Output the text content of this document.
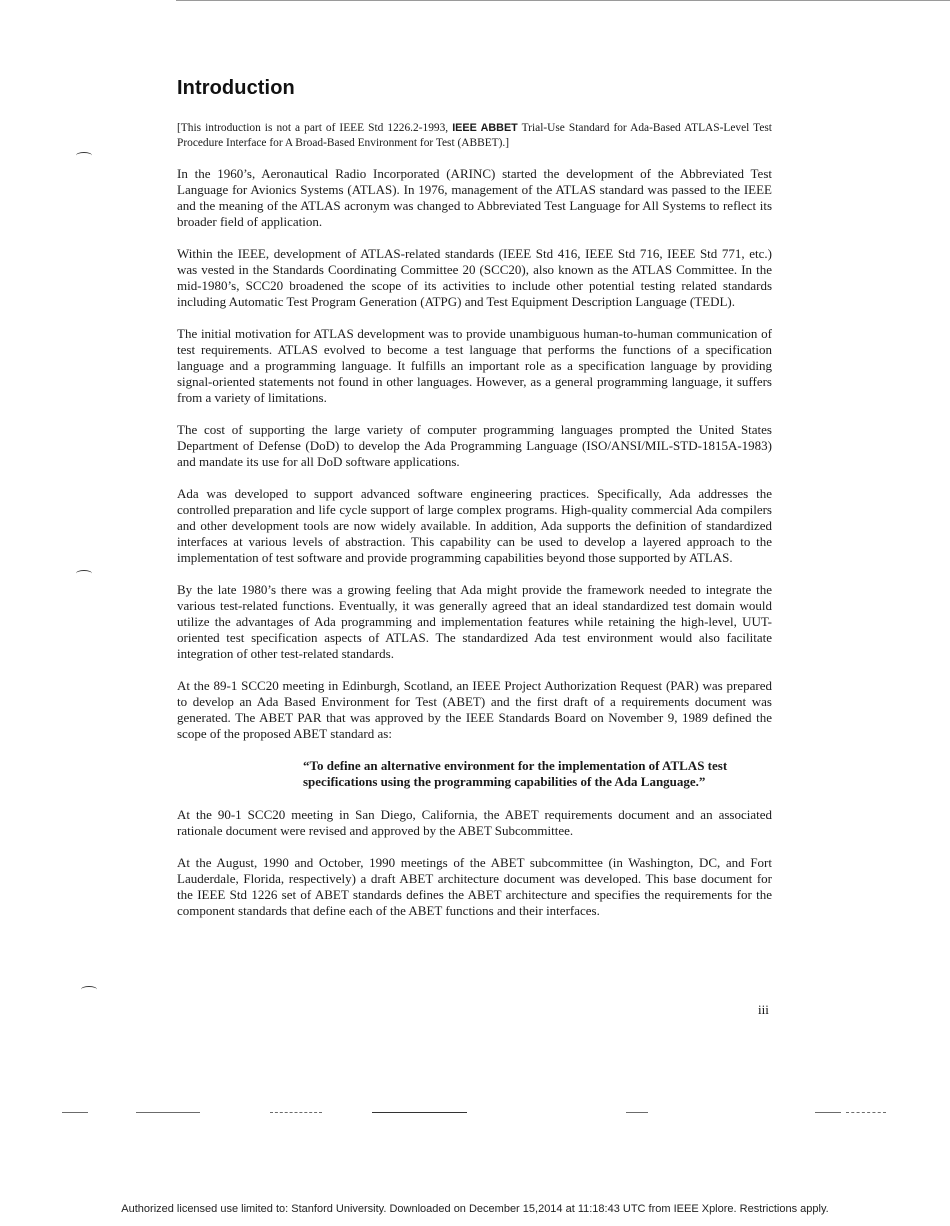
Introduction

[This introduction is not a part of IEEE Std 1226.2-1993, IEEE ABBET Trial-Use Standard for Ada-Based ATLAS-Level Test Procedure Interface for A Broad-Based Environment for Test (ABBET).]

In the 1960’s, Aeronautical Radio Incorporated (ARINC) started the development of the Abbreviated Test Language for Avionics Systems (ATLAS). In 1976, management of the ATLAS standard was passed to the IEEE and the meaning of the ATLAS acronym was changed to Abbreviated Test Language for All Systems to reflect its broader field of application.

Within the IEEE, development of ATLAS-related standards (IEEE Std 416, IEEE Std 716, IEEE Std 771, etc.) was vested in the Standards Coordinating Committee 20 (SCC20), also known as the ATLAS Committee. In the mid-1980’s, SCC20 broadened the scope of its activities to include other potential testing related standards including Automatic Test Program Generation (ATPG) and Test Equipment Description Language (TEDL).

The initial motivation for ATLAS development was to provide unambiguous human-to-human communication of test requirements. ATLAS evolved to become a test language that performs the functions of a specification language and a programming language. It fulfills an important role as a specification language by providing signal-oriented statements not found in other languages. However, as a general programming language, it suffers from a variety of limitations.

The cost of supporting the large variety of computer programming languages prompted the United States Department of Defense (DoD) to develop the Ada Programming Language (ISO/ANSI/MIL-STD-1815A-1983) and mandate its use for all DoD software applications.

Ada was developed to support advanced software engineering practices. Specifically, Ada addresses the controlled preparation and life cycle support of large complex programs. High-quality commercial Ada compilers and other development tools are now widely available. In addition, Ada supports the definition of standardized interfaces at various levels of abstraction. This capability can be used to develop a layered approach to the implementation of test software and provide programming capabilities beyond those supported by ATLAS.

By the late 1980’s there was a growing feeling that Ada might provide the framework needed to integrate the various test-related functions. Eventually, it was generally agreed that an ideal standardized test domain would utilize the advantages of Ada programming and implementation features while retaining the high-level, UUT-oriented test specification aspects of ATLAS. The standardized Ada test environment would also facilitate integration of other test-related standards.

At the 89-1 SCC20 meeting in Edinburgh, Scotland, an IEEE Project Authorization Request (PAR) was prepared to develop an Ada Based Environment for Test (ABET) and the first draft of a requirements document was generated. The ABET PAR that was approved by the IEEE Standards Board on November 9, 1989 defined the scope of the proposed ABET standard as:

“To define an alternative environment for the implementation of ATLAS test specifications using the programming capabilities of the Ada Language.”

At the 90-1 SCC20 meeting in San Diego, California, the ABET requirements document and an associated rationale document were revised and approved by the ABET Subcommittee.

At the August, 1990 and October, 1990 meetings of the ABET subcommittee (in Washington, DC, and Fort Lauderdale, Florida, respectively) a draft ABET architecture document was developed. This base document for the IEEE Std 1226 set of ABET standards defines the ABET architecture and specifies the requirements for the component standards that define each of the ABET functions and their interfaces.

iii
Authorized licensed use limited to: Stanford University. Downloaded on December 15,2014 at 11:18:43 UTC from IEEE Xplore. Restrictions apply.
